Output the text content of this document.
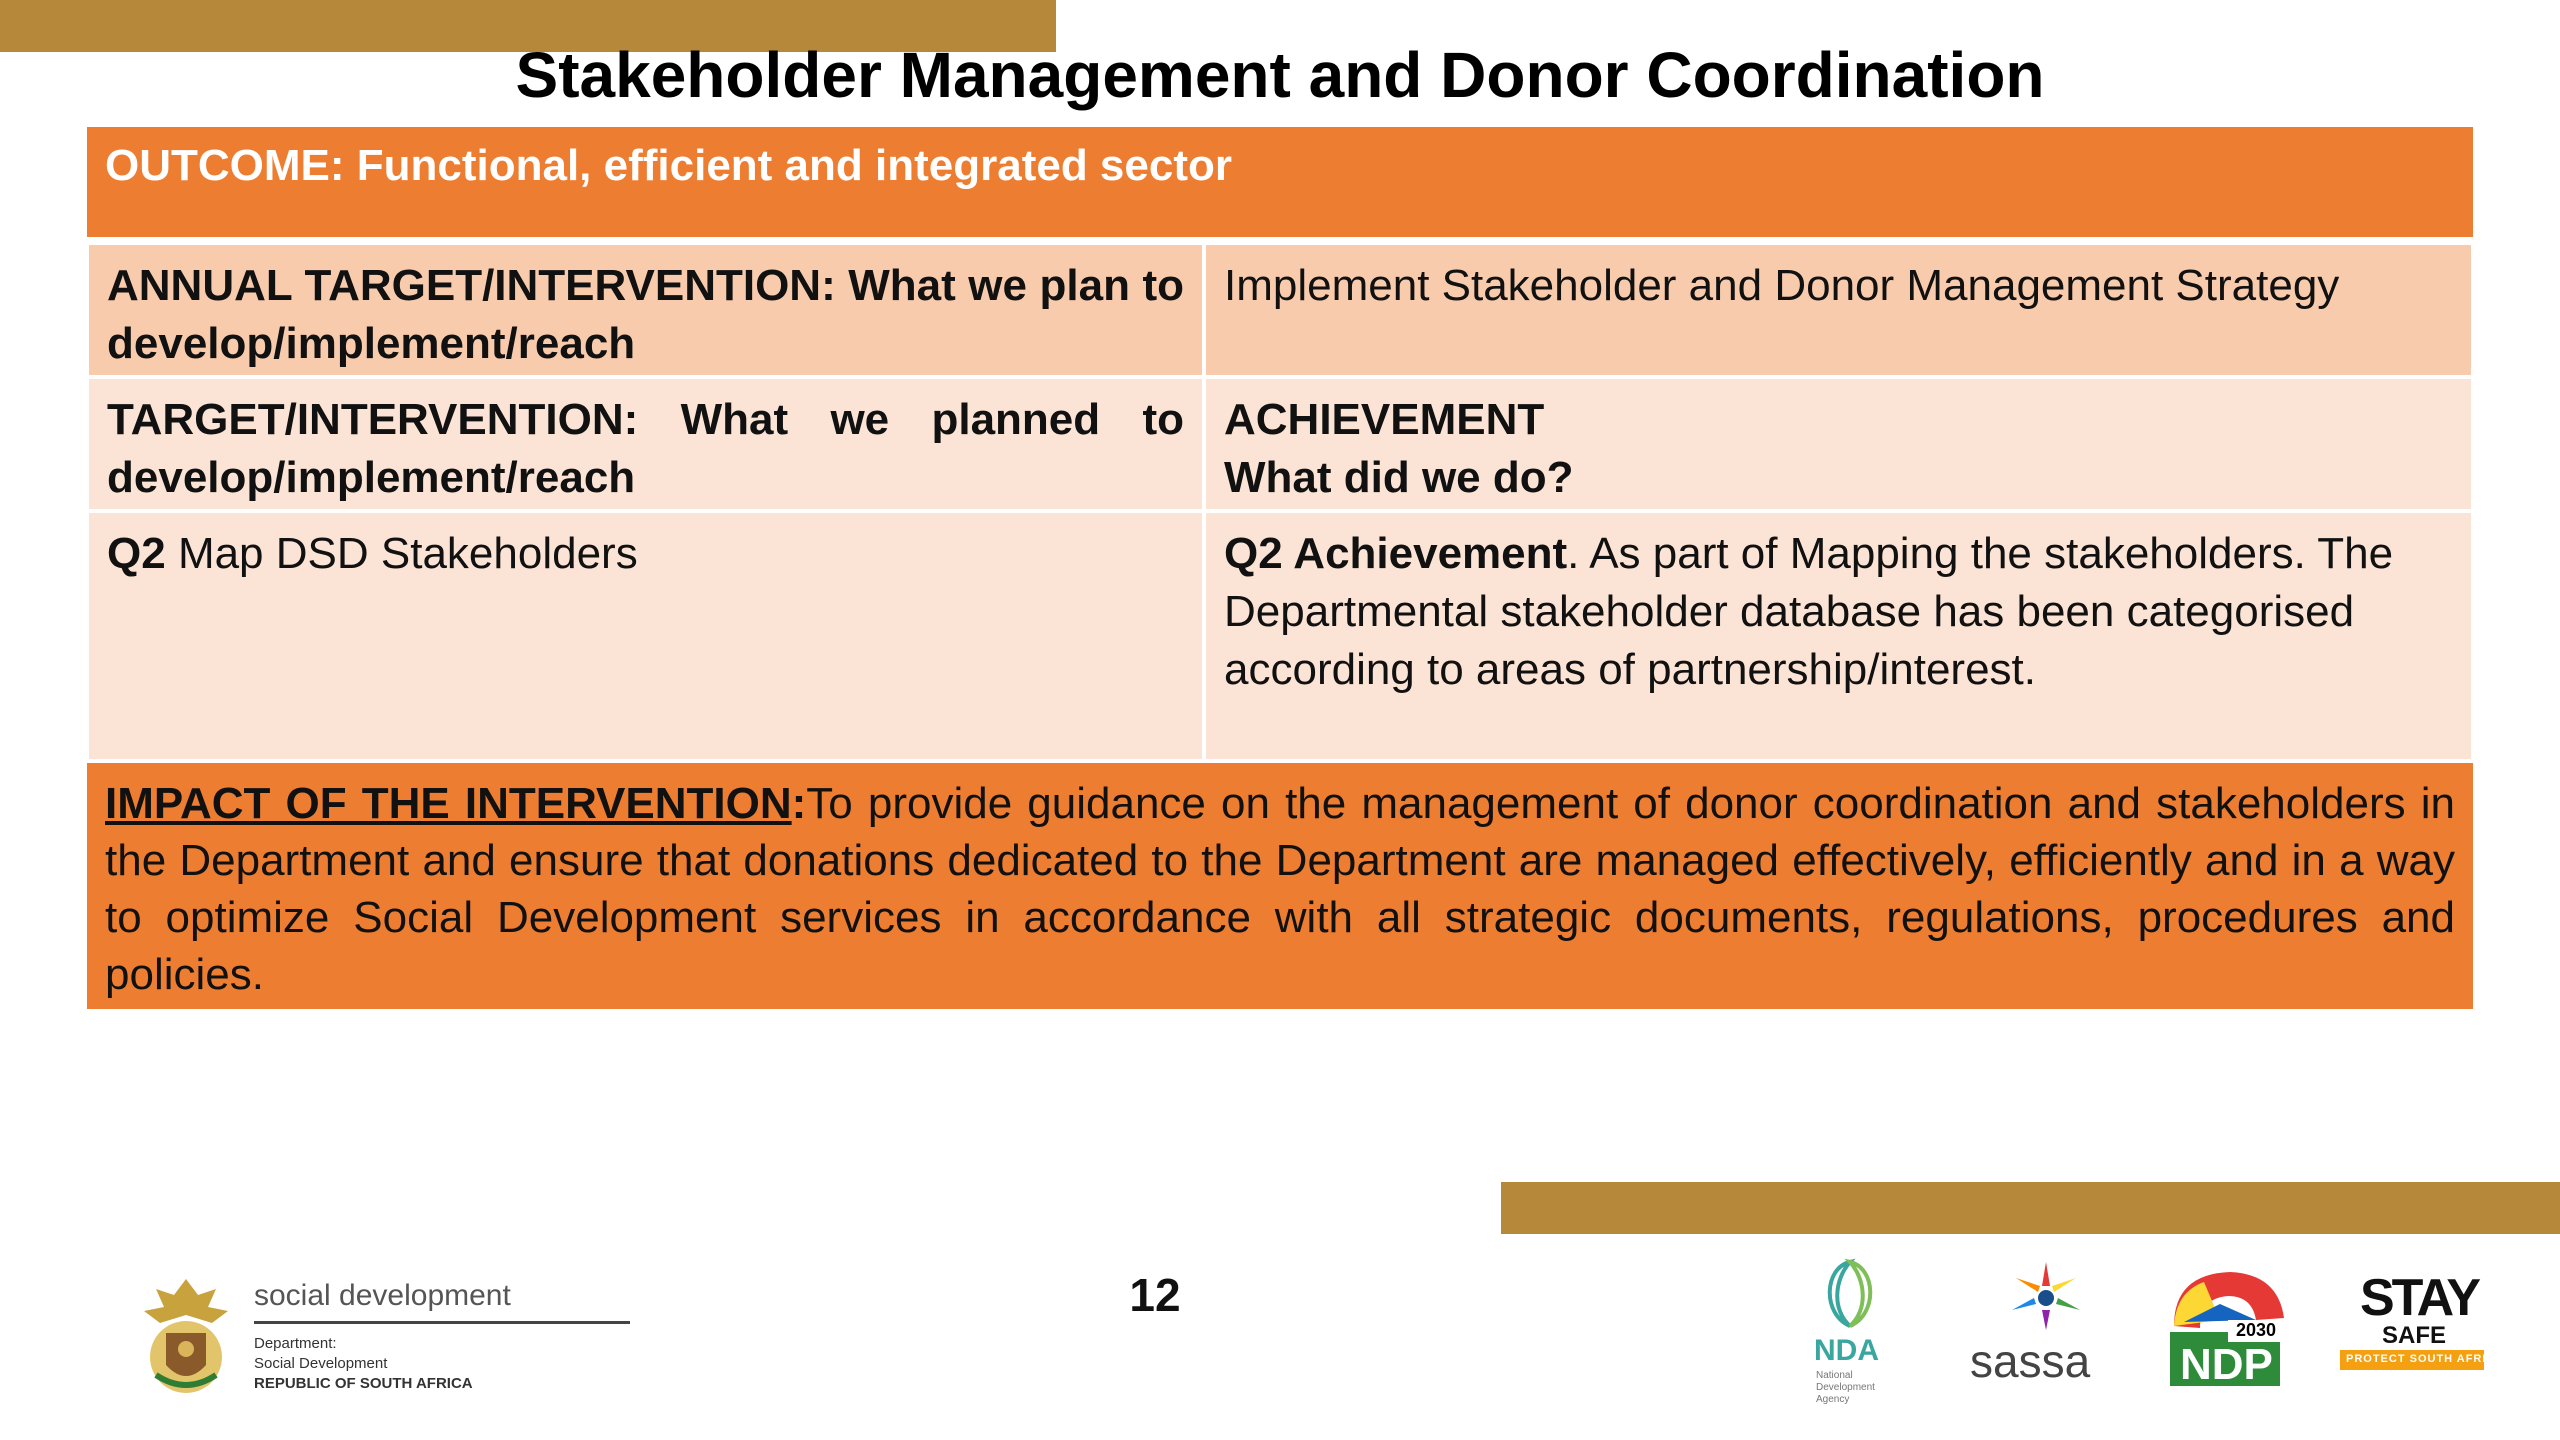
Stakeholder Management and Donor Coordination
OUTCOME: Functional, efficient and integrated sector
ANNUAL TARGET/INTERVENTION: What we plan to develop/implement/reach
Implement Stakeholder and Donor Management Strategy
TARGET/INTERVENTION: What we planned to develop/implement/reach
ACHIEVEMENT
What did we do?
Q2 Map DSD Stakeholders	Q2 Achievement. As part of Mapping the stakeholders. The Departmental stakeholder database has been categorised according to areas of partnership/interest.
IMPACT OF THE INTERVENTION:To provide guidance on the management of donor coordination and stakeholders in the Department and ensure that donations dedicated to the Department are managed effectively, efficiently and in a way to optimize Social Development services in accordance with all strategic documents, regulations, procedures and policies.
12
social development
Department:
Social Development
REPUBLIC OF SOUTH AFRICA
NDA
National
Development
Agency
sassa
2030
NDP
STAY
SAFE
PROTECT SOUTH AFRICA
